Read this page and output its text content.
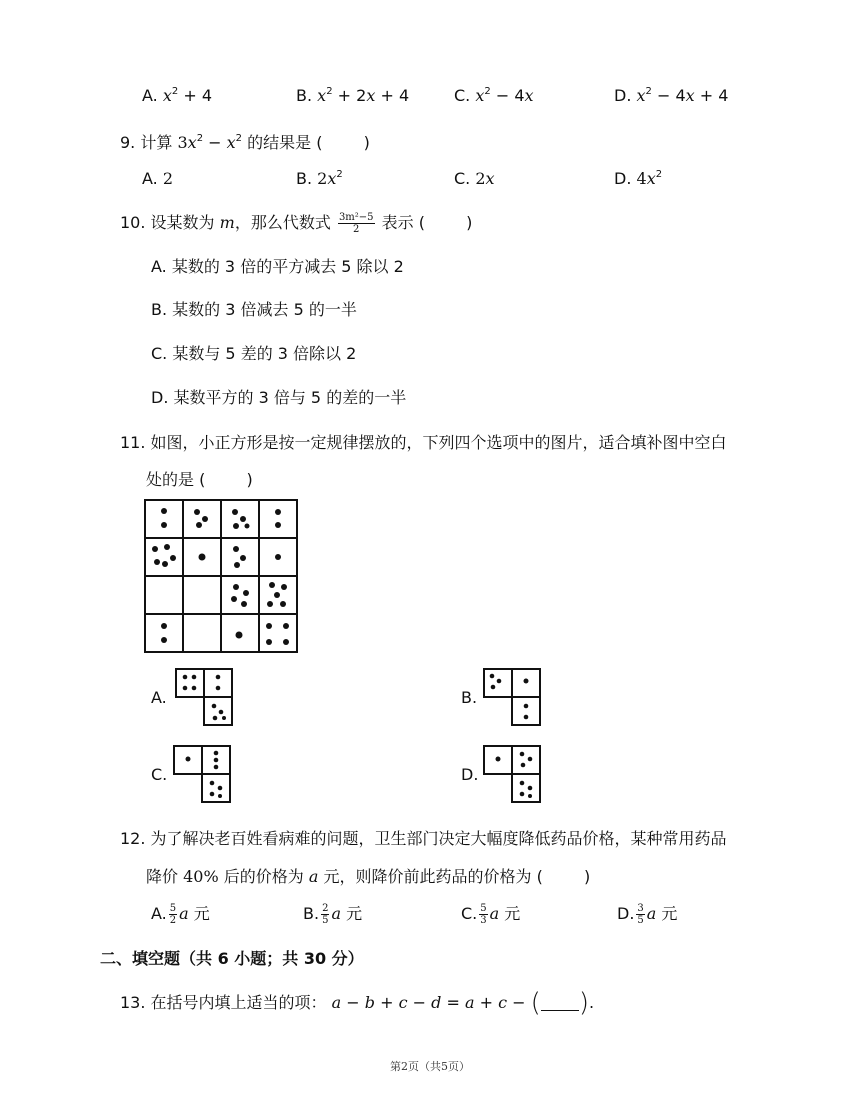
A. $x^2 + 4$	B. $x^2 + 2x + 4$	C. $x^2 - 4x$	D. $x^2 - 4x + 4$
9. 计算 $3x^2 - x^2$ 的结果是 ( )
A. 2	B. $2x^2$	C. 2x	D. $4x^2$
10. 设某数为 m，那么代数式 $\frac{\text{3m²−5}}{2}$ 表示 ( )
A. 某数的 3 倍的平方减去 5 除以 2
B. 某数的 3 倍减去 5 的一半
C. 某数与 5 差的 3 倍除以 2
D. 某数平方的 3 倍与 5 的差的一半
11. 如图，小正方形是按一定规律摆放的，下列四个选项中的图片，适合填补图中空白
处的是 ( )
A.	B.
C.	D.
12. 为了解决老百姓看病难的问题，卫生部门决定大幅度降低药品价格，某种常用药品
降价 40% 后的价格为 a 元，则降价前此药品的价格为 ( )
A. $\frac{5}{2}$ a 元	B. $\frac{2}{5}$ a 元	C. $\frac{5}{3}$ a 元	D. $\frac{3}{5}$ a 元
二、填空题（共 6 小题；共 30 分）
13. 在括号内填上适当的项： a − b + c − d = a + c − ( ).
第2页（共5页）
